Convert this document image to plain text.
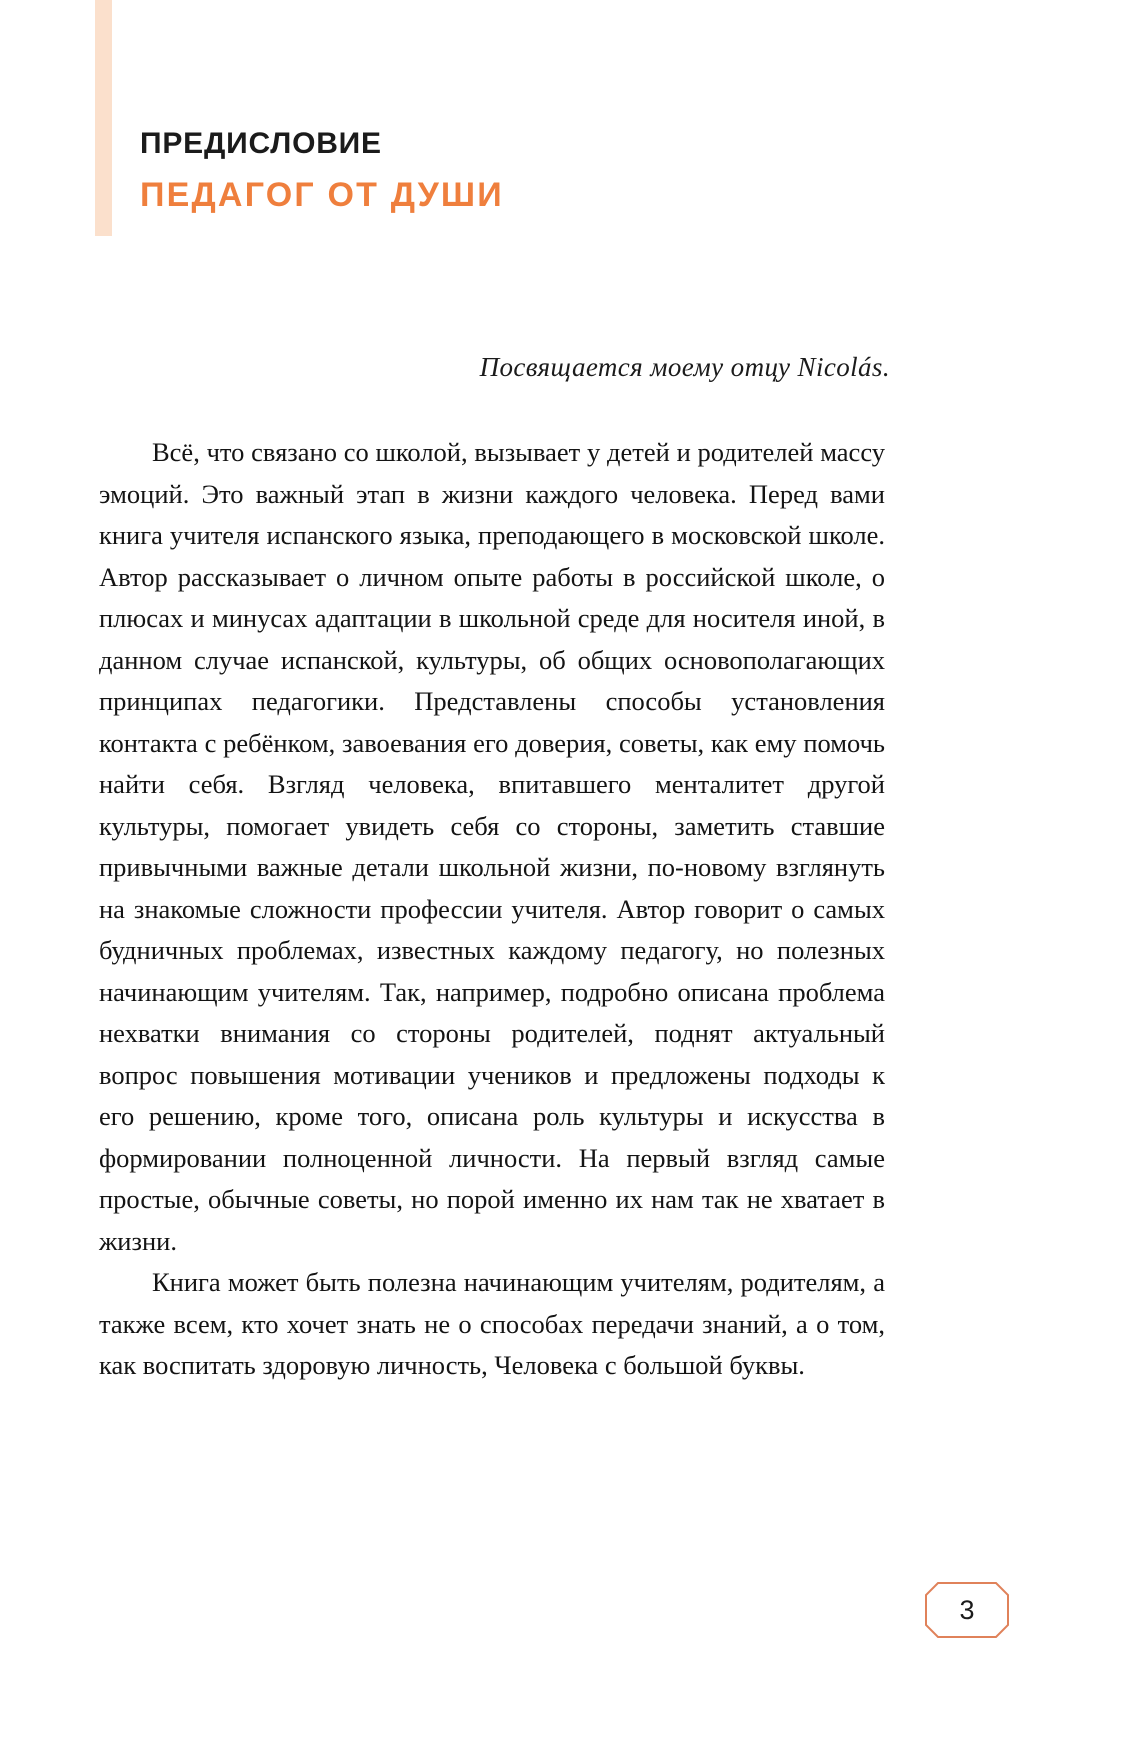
ПРЕДИСЛОВИЕ
ПЕДАГОГ ОТ ДУШИ
Посвящается моему отцу Nicolás.

Всё, что связано со школой, вызывает у детей и родителей массу эмоций. Это важный этап в жизни каждого человека. Перед вами книга учителя испанского языка, преподающего в московской школе. Автор рассказывает о личном опыте работы в российской школе, о плюсах и минусах адаптации в школьной среде для носителя иной, в данном случае испанской, культуры, об общих основополагающих принципах педагогики. Представлены способы установления контакта с ребёнком, завоевания его доверия, советы, как ему помочь найти себя. Взгляд человека, впитавшего менталитет другой культуры, помогает увидеть себя со стороны, заметить ставшие привычными важные детали школьной жизни, по-новому взглянуть на знакомые сложности профессии учителя. Автор говорит о самых будничных проблемах, известных каждому педагогу, но полезных начинающим учителям. Так, например, подробно описана проблема нехватки внимания со стороны родителей, поднят актуальный вопрос повышения мотивации учеников и предложены подходы к его решению, кроме того, описана роль культуры и искусства в формировании полноценной личности. На первый взгляд самые простые, обычные советы, но порой именно их нам так не хватает в жизни.

Книга может быть полезна начинающим учителям, родителям, а также всем, кто хочет знать не о способах передачи знаний, а о том, как воспитать здоровую личность, Человека с большой буквы.

3
